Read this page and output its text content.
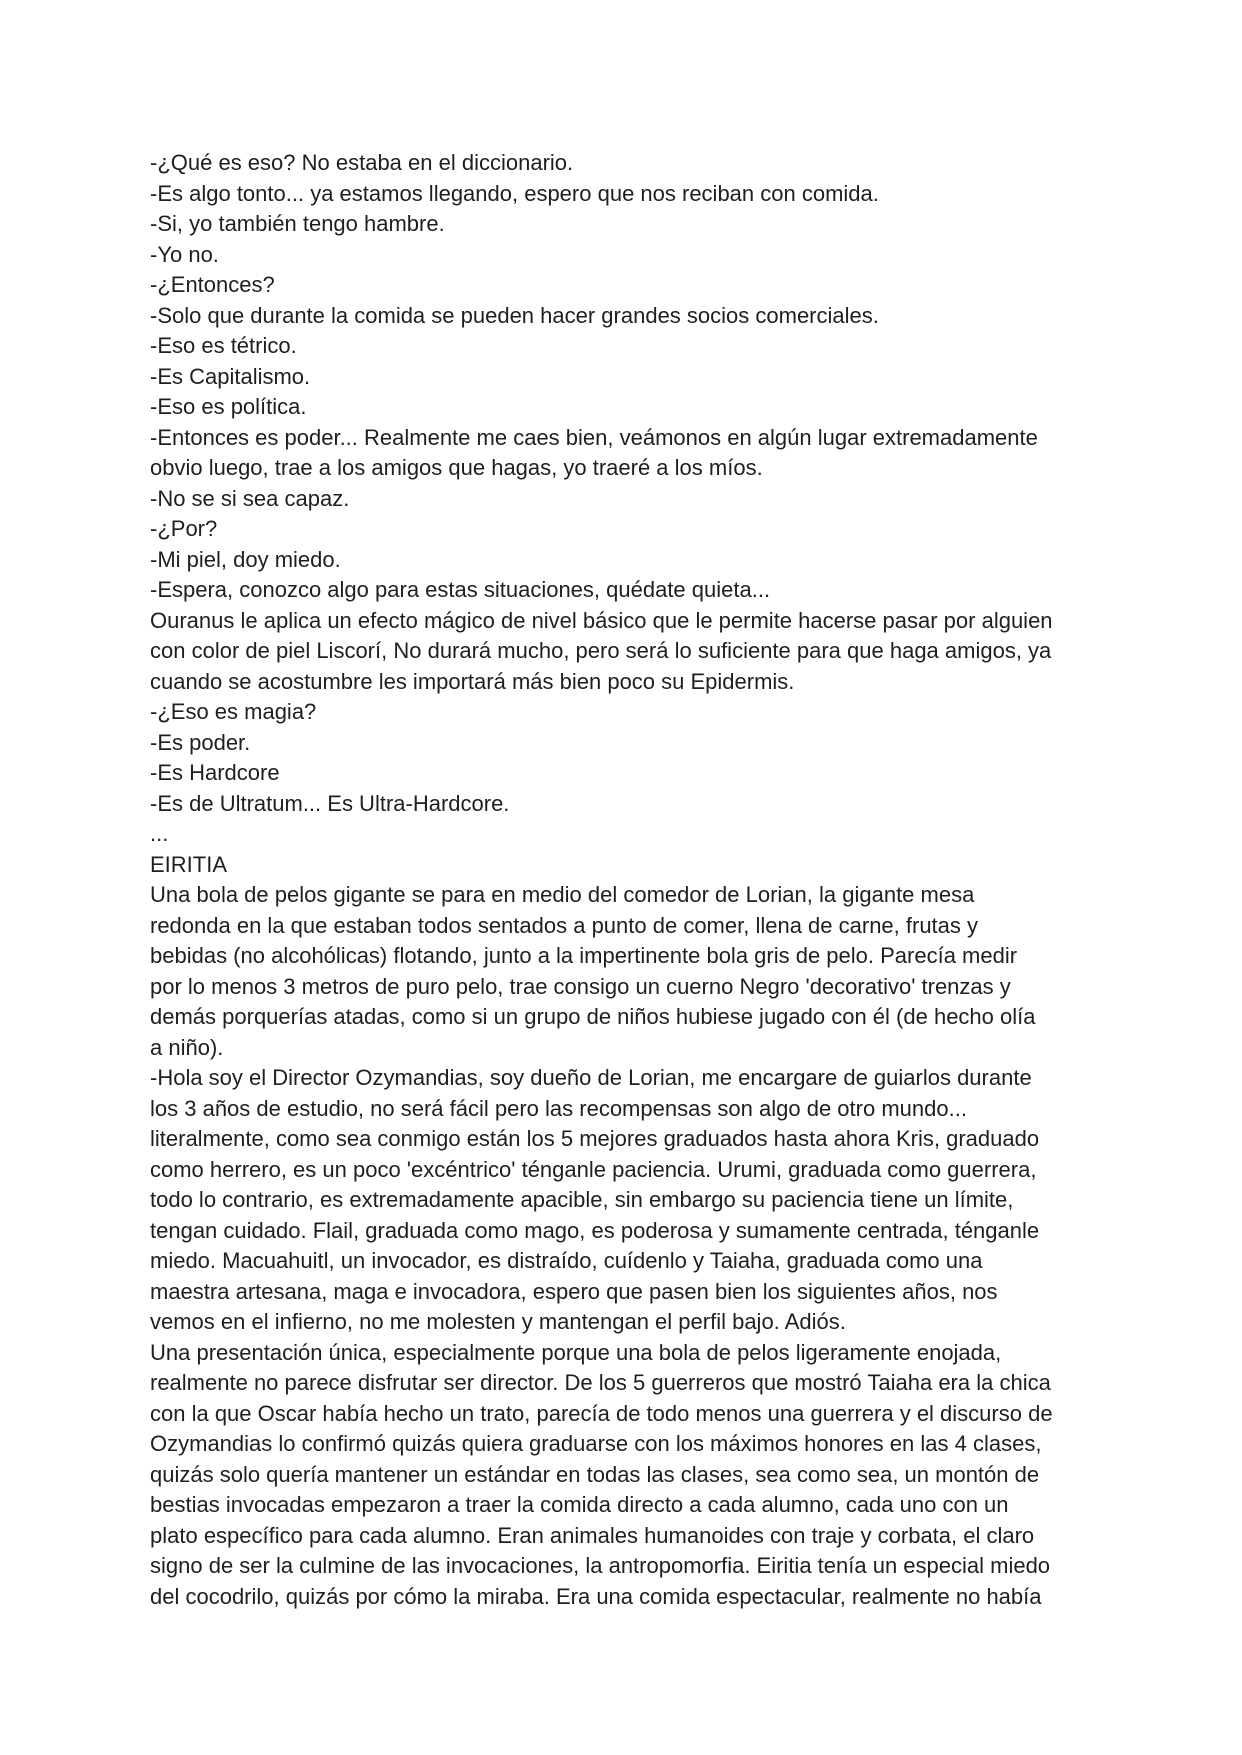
-¿Qué es eso? No estaba en el diccionario.
-Es algo tonto... ya estamos llegando, espero que nos reciban con comida.
-Si, yo también tengo hambre.
-Yo no.
-¿Entonces?
-Solo que durante la comida se pueden hacer grandes socios comerciales.
-Eso es tétrico.
-Es Capitalismo.
-Eso es política.
-Entonces es poder... Realmente me caes bien, veámonos en algún lugar extremadamente
obvio luego, trae a los amigos que hagas, yo traeré a los míos.
-No se si sea capaz.
-¿Por?
-Mi piel, doy miedo.
-Espera, conozco algo para estas situaciones, quédate quieta...
Ouranus le aplica un efecto mágico de nivel básico que le permite hacerse pasar por alguien
con color de piel Liscorí, No durará mucho, pero será lo suficiente para que haga amigos, ya
cuando se acostumbre les importará más bien poco su Epidermis.
-¿Eso es magia?
-Es poder.
-Es Hardcore
-Es de Ultratum... Es Ultra-Hardcore.
...
EIRITIA
Una bola de pelos gigante se para en medio del comedor de Lorian, la gigante mesa
redonda en la que estaban todos sentados a punto de comer, llena de carne, frutas y
bebidas (no alcohólicas) flotando, junto a la impertinente bola gris de pelo. Parecía medir
por lo menos 3 metros de puro pelo, trae consigo un cuerno Negro 'decorativo' trenzas y
demás porquerías atadas, como si un grupo de niños hubiese jugado con él (de hecho olía
a niño).
-Hola soy el Director Ozymandias, soy dueño de Lorian, me encargare de guiarlos durante
los 3 años de estudio, no será fácil pero las recompensas son algo de otro mundo...
literalmente, como sea conmigo están los 5 mejores graduados hasta ahora Kris, graduado
como herrero, es un poco 'excéntrico' ténganle paciencia. Urumi, graduada como guerrera,
todo lo contrario, es extremadamente apacible, sin embargo su paciencia tiene un límite,
tengan cuidado. Flail, graduada como mago, es poderosa y sumamente centrada, ténganle
miedo. Macuahuitl, un invocador, es distraído, cuídenlo y Taiaha, graduada como una
maestra artesana, maga e invocadora, espero que pasen bien los siguientes años, nos
vemos en el infierno, no me molesten y mantengan el perfil bajo. Adiós.
Una presentación única, especialmente porque una bola de pelos ligeramente enojada,
realmente no parece disfrutar ser director. De los 5 guerreros que mostró Taiaha era la chica
con la que Oscar había hecho un trato, parecía de todo menos una guerrera y el discurso de
Ozymandias lo confirmó quizás quiera graduarse con los máximos honores en las 4 clases,
quizás solo quería mantener un estándar en todas las clases, sea como sea, un montón de
bestias invocadas empezaron a traer la comida directo a cada alumno, cada uno con un
plato específico para cada alumno. Eran animales humanoides con traje y corbata, el claro
signo de ser la culmine de las invocaciones, la antropomorfia. Eiritia tenía un especial miedo
del cocodrilo, quizás por cómo la miraba. Era una comida espectacular, realmente no había
